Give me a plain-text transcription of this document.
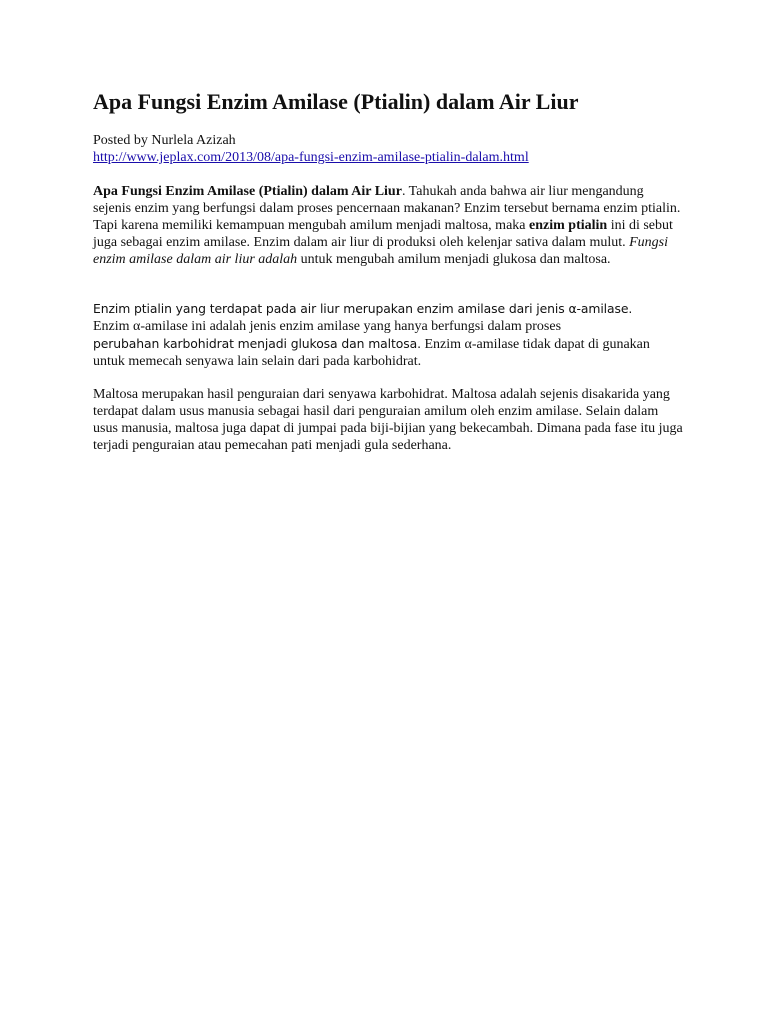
Apa Fungsi Enzim Amilase (Ptialin) dalam Air Liur
Posted by Nurlela Azizah
http://www.jeplax.com/2013/08/apa-fungsi-enzim-amilase-ptialin-dalam.html

Apa Fungsi Enzim Amilase (Ptialin) dalam Air Liur. Tahukah anda bahwa air liur mengandung sejenis enzim yang berfungsi dalam proses pencernaan makanan? Enzim tersebut bernama enzim ptialin. Tapi karena memiliki kemampuan mengubah amilum menjadi maltosa, maka enzim ptialin ini di sebut juga sebagai enzim amilase. Enzim dalam air liur di produksi oleh kelenjar sativa dalam mulut. Fungsi enzim amilase dalam air liur adalah untuk mengubah amilum menjadi glukosa dan maltosa.

Enzim ptialin yang terdapat pada air liur merupakan enzim amilase dari jenis α-amilase.
Enzim α-amilase ini adalah jenis enzim amilase yang hanya berfungsi dalam proses
perubahan karbohidrat menjadi glukosa dan maltosa. Enzim α-amilase tidak dapat di gunakan untuk memecah senyawa lain selain dari pada karbohidrat.

Maltosa merupakan hasil penguraian dari senyawa karbohidrat. Maltosa adalah sejenis disakarida yang terdapat dalam usus manusia sebagai hasil dari penguraian amilum oleh enzim amilase. Selain dalam usus manusia, maltosa juga dapat di jumpai pada biji-bijian yang bekecambah. Dimana pada fase itu juga terjadi penguraian atau pemecahan pati menjadi gula sederhana.
